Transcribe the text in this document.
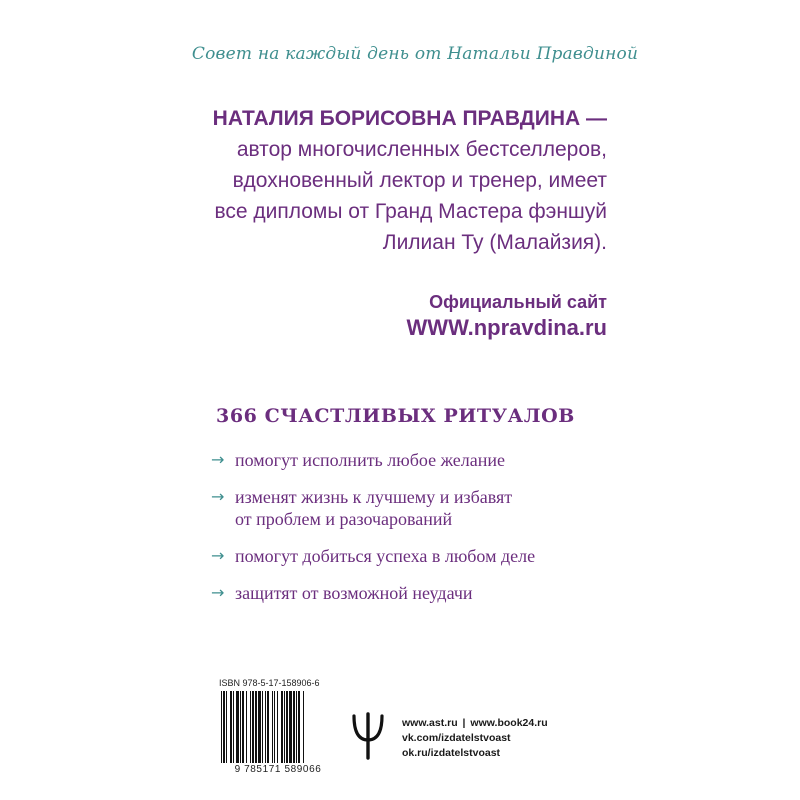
Совет на каждый день от Натальи Правдиной
НАТАЛИЯ БОРИСОВНА ПРАВДИНА —
автор многочисленных бестселлеров,
вдохновенный лектор и тренер, имеет
все дипломы от Гранд Мастера фэншуй
Лилиан Ту (Малайзия).
Официальный сайт
WWW.npravdina.ru
366 СЧАСТЛИВЫХ РИТУАЛОВ
→ помогут исполнить любое желание
→ изменят жизнь к лучшему и избавят
от проблем и разочарований
→ помогут добиться успеха в любом деле
→ защитят от возможной неудачи
ISBN 978-5-17-158906-6
9 785171 589066
www.ast.ru | www.book24.ru
vk.com/izdatelstvoast
ok.ru/izdatelstvoast
